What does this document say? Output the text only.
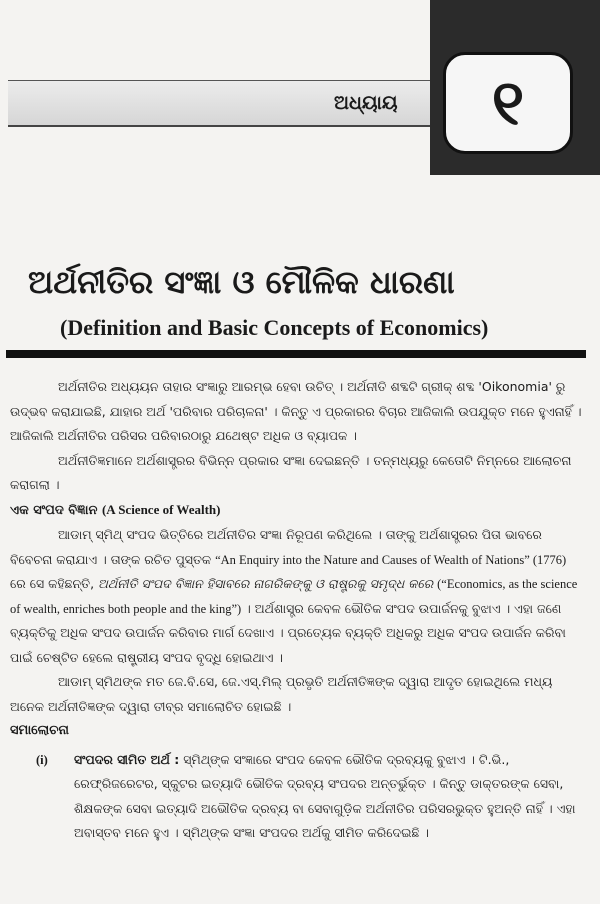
ଅଧ୍ୟାୟ	୧
ଅର୍ଥନୀତିର ସଂଜ୍ଞା ଓ ମୌଳିକ ଧାରଣା
(Definition and Basic Concepts of Economics)

ଅର୍ଥନୀତିର ଅଧ୍ୟୟନ ତାହାର ସଂଜ୍ଞାରୁ ଆରମ୍ଭ ହେବା ଉଚିତ୍ । ଅର୍ଥନୀତି ଶବ୍ଦଟି ଗ୍ରୀକ୍ ଶବ୍ଦ 'Oikonomia' ରୁ ଉଦ୍ଭବ କରାଯାଇଛି, ଯାହାର ଅର୍ଥ 'ପରିବାର ପରିଚାଳନା' । କିନ୍ତୁ ଏ ପ୍ରକାରର ବିଚାର ଆଜିକାଲି ଉପଯୁକ୍ତ ମନେ ହୁଏନାହିଁ । ଆଜିକାଲି ଅର୍ଥନୀତିର ପରିସର ପରିବାରଠାରୁ ଯଥେଷ୍ଟ ଅଧିକ ଓ ବ୍ୟାପକ ।

ଅର୍ଥନୀତିଜ୍ଞମାନେ ଅର୍ଥଶାସ୍ତ୍ରର ବିଭିନ୍ନ ପ୍ରକାର ସଂଜ୍ଞା ଦେଇଛନ୍ତି । ତନ୍ମଧ୍ୟରୁ କେତୋଟି ନିମ୍ନରେ ଆଲୋଚନା କରାଗଲା ।

ଏକ ସଂପଦ ବିଜ୍ଞାନ (A Science of Wealth)

ଆଡାମ୍ ସ୍ମିଥ୍ ସଂପଦ ଭିତ୍ତିରେ ଅର୍ଥନୀତିର ସଂଜ୍ଞା ନିରୂପଣ କରିଥିଲେ । ତାଙ୍କୁ ଅର୍ଥଶାସ୍ତ୍ରର ପିତା ଭାବରେ ବିବେଚନା କରାଯାଏ । ତାଙ୍କ ରଚିତ ପୁସ୍ତକ “An Enquiry into the Nature and Causes of Wealth of Nations” (1776) ରେ ସେ କହିଛନ୍ତି, ଅର୍ଥନୀତି ସଂପଦ ବିଜ୍ଞାନ ହିସାବରେ ନାଗରିକଙ୍କୁ ଓ ରାଷ୍ଟ୍ରକୁ ସମୃଦ୍ଧ କରେ (“Economics, as the science of wealth, enriches both people and the king”) । ଅର୍ଥଶାସ୍ତ୍ର କେବଳ ଭୌତିକ ସଂପଦ ଉପାର୍ଜନକୁ ବୁଝାଏ । ଏହା ଜଣେ ବ୍ୟକ୍ତିକୁ ଅଧିକ ସଂପଦ ଉପାର୍ଜନ କରିବାର ମାର୍ଗ ଦେଖାଏ । ପ୍ରତ୍ୟେକ ବ୍ୟକ୍ତି ଅଧିକରୁ ଅଧିକ ସଂପଦ ଉପାର୍ଜନ କରିବା ପାଇଁ ଚେଷ୍ଟିତ ହେଲେ ରାଷ୍ଟ୍ରୀୟ ସଂପଦ ବୃଦ୍ଧି ହୋଇଥାଏ ।

ଆଡାମ୍ ସ୍ମିଥଙ୍କ ମତ ଜେ.ବି.ସେ, ଜେ.ଏସ୍.ମିଲ୍ ପ୍ରଭୃତି ଅର୍ଥନୀତିଜ୍ଞଙ୍କ ଦ୍ୱାରା ଆଦୃତ ହୋଇଥିଲେ ମଧ୍ୟ ଅନେକ ଅର୍ଥନୀତିଜ୍ଞଙ୍କ ଦ୍ୱାରା ତୀବ୍ର ସମାଲୋଚିତ ହୋଇଛି ।

ସମାଲୋଚନା

(i)	ସଂପଦର ସୀମିତ ଅର୍ଥ : ସ୍ମିଥ୍ଙ୍କ ସଂଜ୍ଞାରେ ସଂପଦ କେବଳ ଭୌତିକ ଦ୍ରବ୍ୟକୁ ବୁଝାଏ । ଟି.ଭି., ରେଫ୍ରିଜରେଟର, ସ୍କୁଟର ଇତ୍ୟାଦି ଭୌତିକ ଦ୍ରବ୍ୟ ସଂପଦର ଅନ୍ତର୍ଭୁକ୍ତ । କିନ୍ତୁ ଡାକ୍ତରଙ୍କ ସେବା, ଶିକ୍ଷକଙ୍କ ସେବା ଇତ୍ୟାଦି ଅଭୌତିକ ଦ୍ରବ୍ୟ ବା ସେବାଗୁଡ଼ିକ ଅର୍ଥନୀତିର ପରିସରଭୁକ୍ତ ହୁଅନ୍ତି ନାହିଁ । ଏହା ଅବାସ୍ତବ ମନେ ହୁଏ । ସ୍ମିଥ୍ଙ୍କ ସଂଜ୍ଞା ସଂପଦର ଅର୍ଥକୁ ସୀମିତ କରିଦେଇଛି ।
